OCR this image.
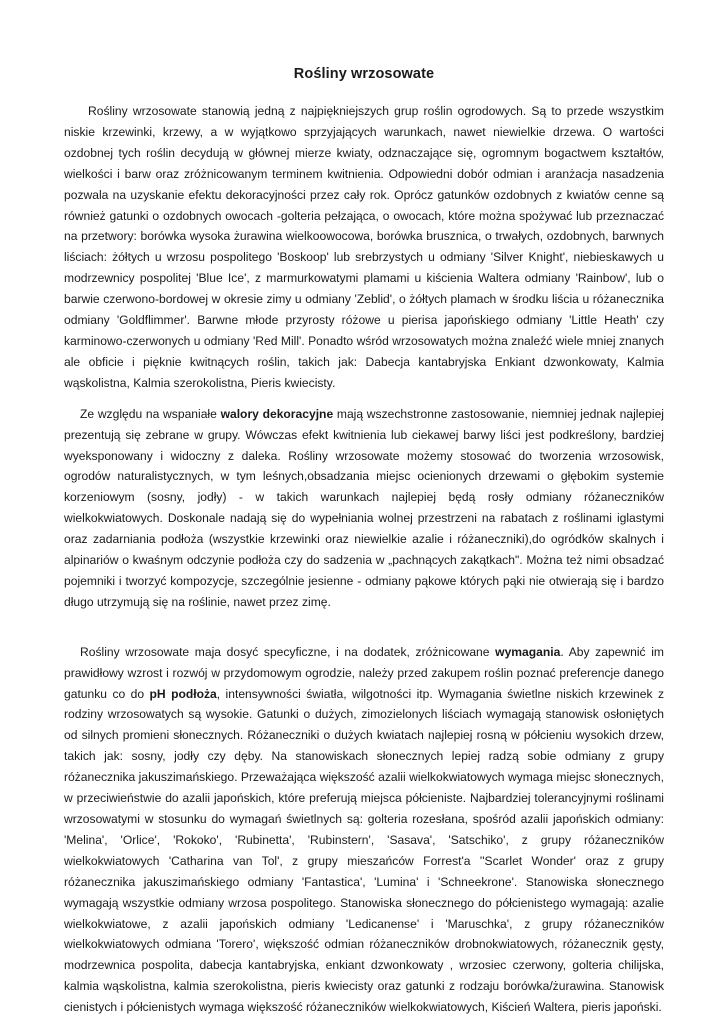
Rośliny wrzosowate

Rośliny wrzosowate stanowią jedną z najpiękniejszych grup roślin ogrodowych. Są to przede wszystkim niskie krzewinki, krzewy, a w wyjątkowo sprzyjających warunkach, nawet niewielkie drzewa. O wartości ozdobnej tych roślin decydują w głównej mierze kwiaty, odznaczające się, ogromnym bogactwem kształtów, wielkości i barw oraz zróżnicowanym terminem kwitnienia. Odpowiedni dobór odmian i aranżacja nasadzenia pozwala na uzyskanie efektu dekoracyjności przez cały rok. Oprócz gatunków ozdobnych z kwiatów cenne są również gatunki o ozdobnych owocach -golteria pełzająca, o owocach, które można spożywać lub przeznaczać na przetwory: borówka wysoka żurawina wielkoowocowa, borówka brusznica, o trwałych, ozdobnych, barwnych liściach: żółtych u wrzosu pospolitego 'Boskoop' lub srebrzystych u odmiany 'Silver Knight', niebieskawych u modrzewnicy pospolitej 'Blue Ice', z marmurkowatymi plamami u kiścienia Waltera odmiany 'Rainbow', lub o barwie czerwono-bordowej w okresie zimy u odmiany 'Zeblid', o żółtych plamach w środku liścia u różanecznika odmiany 'Goldflimmer'. Barwne młode przyrosty różowe u pierisa japońskiego odmiany 'Little Heath' czy karminowo-czerwonych u odmiany 'Red Mill'. Ponadto wśród wrzosowatych można znaleźć wiele mniej znanych ale obficie i pięknie kwitnących roślin, takich jak: Dabecja kantabryjska Enkiant dzwonkowaty, Kalmia wąskolistna, Kalmia szerokolistna, Pieris kwiecisty.

Ze względu na wspaniałe walory dekoracyjne mają wszechstronne zastosowanie, niemniej jednak najlepiej prezentują się zebrane w grupy. Wówczas efekt kwitnienia lub ciekawej barwy liści jest podkreślony, bardziej wyeksponowany i widoczny z daleka. Rośliny wrzosowate możemy stosować do tworzenia wrzosowisk, ogrodów naturalistycznych, w tym leśnych,obsadzania miejsc ocienionych drzewami o głębokim systemie korzeniowym (sosny, jodły) - w takich warunkach najlepiej będą rosły odmiany różaneczników wielkokwiatowych. Doskonale nadają się do wypełniania wolnej przestrzeni na rabatach z roślinami iglastymi oraz zadarniania podłoża (wszystkie krzewinki oraz niewielkie azalie i różaneczniki),do ogródków skalnych i alpinariów o kwaśnym odczynie podłoża czy do sadzenia w „pachnących zakątkach". Można też nimi obsadzać pojemniki i tworzyć kompozycje, szczególnie jesienne - odmiany pąkowe których pąki nie otwierają się i bardzo długo utrzymują się na roślinie, nawet przez zimę.

Rośliny wrzosowate maja dosyć specyficzne, i na dodatek, zróżnicowane wymagania. Aby zapewnić im prawidłowy wzrost i rozwój w przydomowym ogrodzie, należy przed zakupem roślin poznać preferencje danego gatunku co do pH podłoża, intensywności światła, wilgotności itp. Wymagania świetlne niskich krzewinek z rodziny wrzosowatych są wysokie. Gatunki o dużych, zimozielonych liściach wymagają stanowisk osłoniętych od silnych promieni słonecznych. Różaneczniki o dużych kwiatach najlepiej rosną w półcieniu wysokich drzew, takich jak: sosny, jodły czy dęby. Na stanowiskach słonecznych lepiej radzą sobie odmiany z grupy różanecznika jakuszimańskiego. Przeważająca większość azalii wielkokwiatowych wymaga miejsc słonecznych, w przeciwieństwie do azalii japońskich, które preferują miejsca półcieniste. Najbardziej tolerancyjnymi roślinami wrzosowatymi w stosunku do wymagań świetlnych są: golteria rozesłana, spośród azalii japońskich odmiany: 'Melina', 'Orlice', 'Rokoko', 'Rubinetta', 'Rubinstern', 'Sasava', 'Satschiko', z grupy różaneczników wielkokwiatowych 'Catharina van Tol', z grupy mieszańców Forrest'a ''Scarlet Wonder' oraz z grupy różanecznika jakuszimańskiego odmiany 'Fantastica', 'Lumina' i 'Schneekrone'. Stanowiska słonecznego wymagają wszystkie odmiany wrzosa pospolitego. Stanowiska słonecznego do półcienistego wymagają: azalie wielkokwiatowe, z azalii japońskich odmiany 'Ledicanense' i 'Maruschka', z grupy różaneczników wielkokwiatowych odmiana 'Torero', większość odmian różaneczników drobnokwiatowych, różanecznik gęsty, modrzewnica pospolita, dabecja kantabryjska, enkiant dzwonkowaty , wrzosiec czerwony, golteria chilijska, kalmia wąskolistna, kalmia szerokolistna, pieris kwiecisty oraz gatunki z rodzaju borówka/żurawina. Stanowisk cienistych i półcienistych wymaga większość różaneczników wielkokwiatowych, Kiścień Waltera, pieris japoński.
